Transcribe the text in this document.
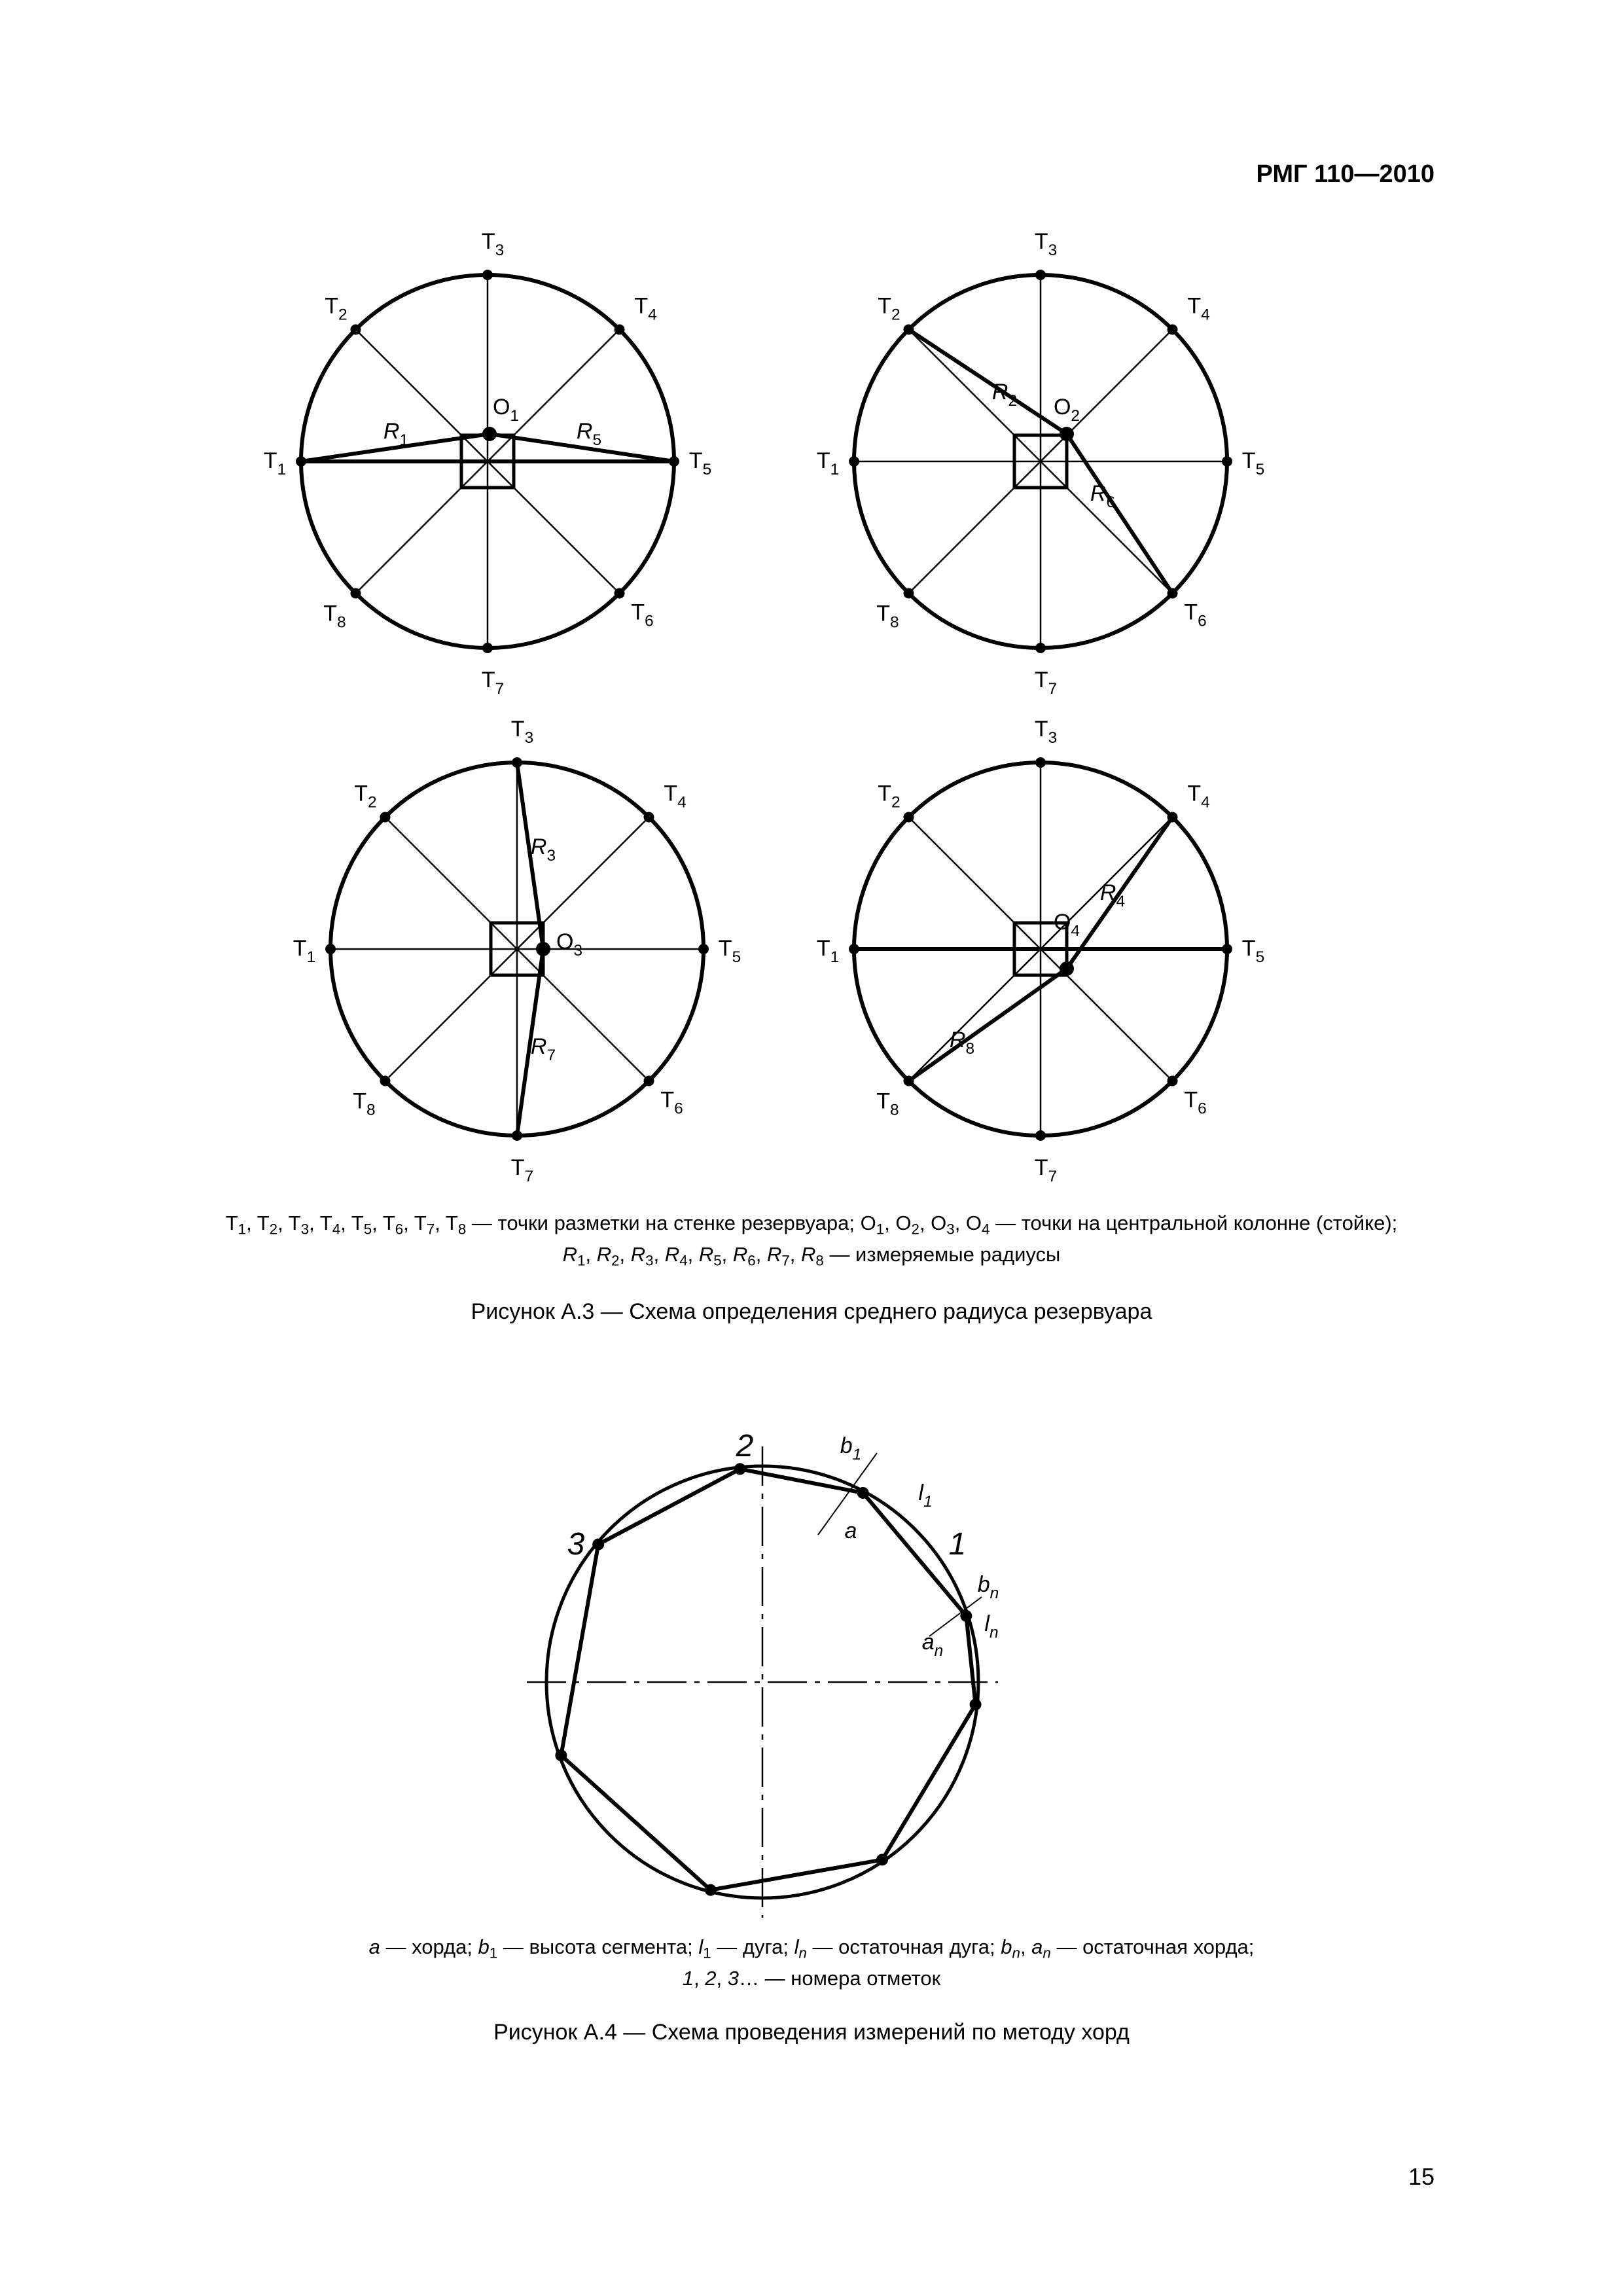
РМГ 110—2010
$T_1$
$T_2$
$T_3$
$T_4$
$T_5$
$T_6$
$T_7$
$T_8$
$O_1$
$R_1$	$R_5$
$T_1$
$T_2$
$T_3$
$T_4$
$T_5$
$T_6$
$T_7$
$T_8$
$O_2$
$R_2$
$R_6$
$T_1$
$T_2$
$T_3$
$T_4$
$T_5$
$T_6$
$T_7$
$T_8$
$O_3$
$R_3$
$R_7$
$T_1$
$T_2$
$T_3$
$T_4$
$T_5$
$T_6$
$T_7$
$T_8$
$O_4$
$R_4$
$R_8$
1
2
3
$b_1$
$l_1$
a
$b_n$
$l_n$
$a_n$
$T_1$, $T_2$, $T_3$, $T_4$, $T_5$, $T_6$, $T_7$, $T_8$ — точки разметки на стенке резервуара; $O_1$, $O_2$, $O_3$, $O_4$ — точки на центральной колонне (стойке);
$R_1$, $R_2$, $R_3$, $R_4$, $R_5$, $R_6$, $R_7$, $R_8$ — измеряемые радиусы
Рисунок А.3 — Схема определения среднего радиуса резервуара
a — хорда; $b_1$ — высота сегмента; $l_1$ — дуга; $l_n$ — остаточная дуга; $b_n$, $a_n$ — остаточная хорда;
1, 2, 3… — номера отметок
Рисунок А.4 — Схема проведения измерений по методу хорд
15
